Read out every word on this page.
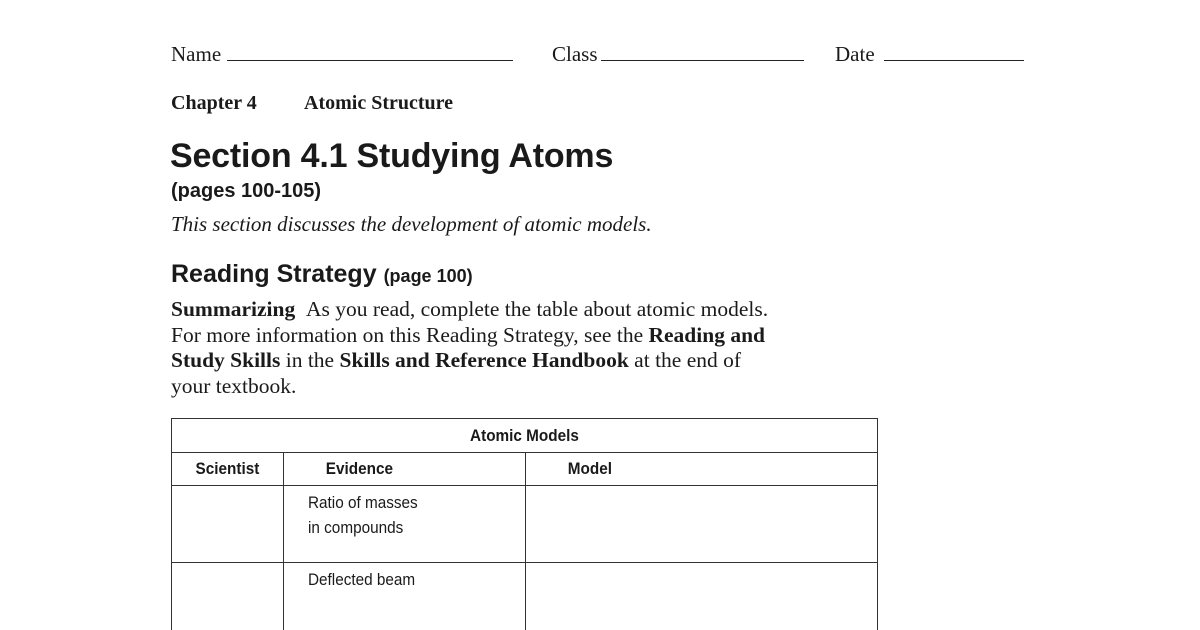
Name	Class	Date
Chapter 4 Atomic Structure
Section 4.1 Studying Atoms
(pages 100-105)
This section discusses the development of atomic models.
Reading Strategy (page 100)
Summarizing As you read, complete the table about atomic models.
For more information on this Reading Strategy, see the Reading and
Study Skills in the Skills and Reference Handbook at the end of
your textbook.
Atomic Models		
Scientist	Evidence	Model
	Ratio of masses
in compounds	
	Deflected beam
